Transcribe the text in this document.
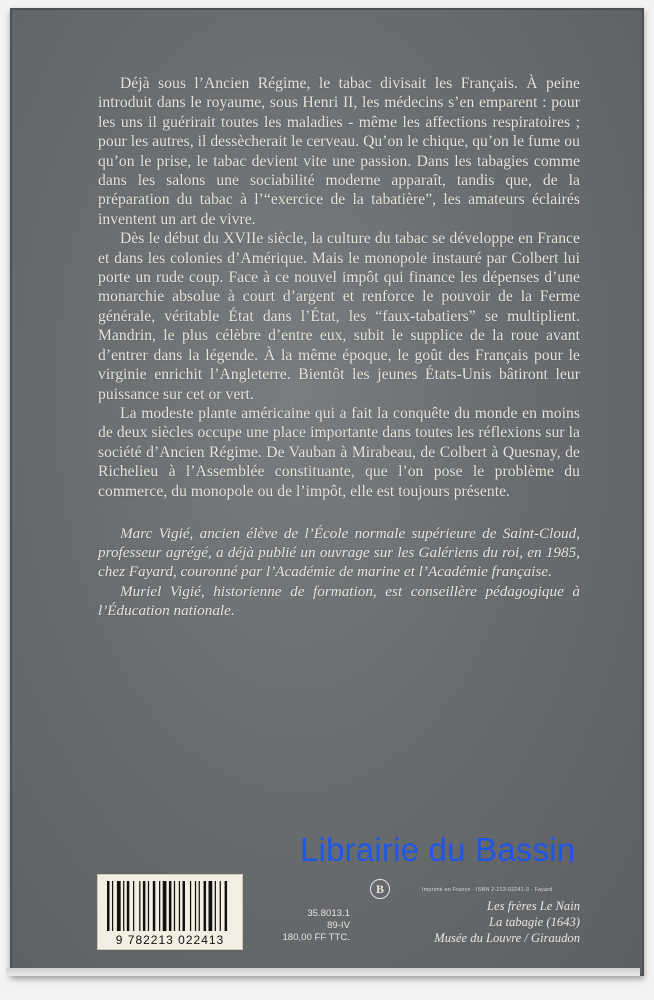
Déjà sous l’Ancien Régime, le tabac divisait les Français. À peine introduit dans le royaume, sous Henri II, les médecins s’en emparent : pour les uns il guérirait toutes les maladies - même les affections respiratoires ; pour les autres, il dessècherait le cerveau. Qu’on le chique, qu’on le fume ou qu’on le prise, le tabac devient vite une passion. Dans les tabagies comme dans les salons une sociabilité moderne apparaît, tandis que, de la préparation du tabac à l’“exercice de la tabatière”, les amateurs éclairés inventent un art de vivre.

Dès le début du XVIIe siècle, la culture du tabac se développe en France et dans les colonies d’Amérique. Mais le monopole instauré par Colbert lui porte un rude coup. Face à ce nouvel impôt qui finance les dépenses d’une monarchie absolue à court d’argent et renforce le pouvoir de la Ferme générale, véritable État dans l’État, les “faux-tabatiers” se multiplient. Mandrin, le plus célèbre d’entre eux, subit le supplice de la roue avant d’entrer dans la légende. À la même époque, le goût des Français pour le virginie enrichit l’Angleterre. Bientôt les jeunes États-Unis bâtiront leur puissance sur cet or vert.

La modeste plante américaine qui a fait la conquête du monde en moins de deux siècles occupe une place importante dans toutes les réflexions sur la société d’Ancien Régime. De Vauban à Mirabeau, de Colbert à Quesnay, de Richelieu à l’Assemblée constituante, que l’on pose le problème du commerce, du monopole ou de l’impôt, elle est toujours présente.

Marc Vigié, ancien élève de l’École normale supérieure de Saint-Cloud, professeur agrégé, a déjà publié un ouvrage sur les Galériens du roi, en 1985, chez Fayard, couronné par l’Académie de marine et l’Académie française.

Muriel Vigié, historienne de formation, est conseillère pédagogique à l’Éducation nationale.

Librairie du Bassin
9 782213 022413
35.8013.1
89-IV
180,00 FF TTC.
B	Imprimé en France · ISBN 2-213-02241-3 · Fayard
Les frères Le Nain
La tabagie (1643)
Musée du Louvre / Giraudon
